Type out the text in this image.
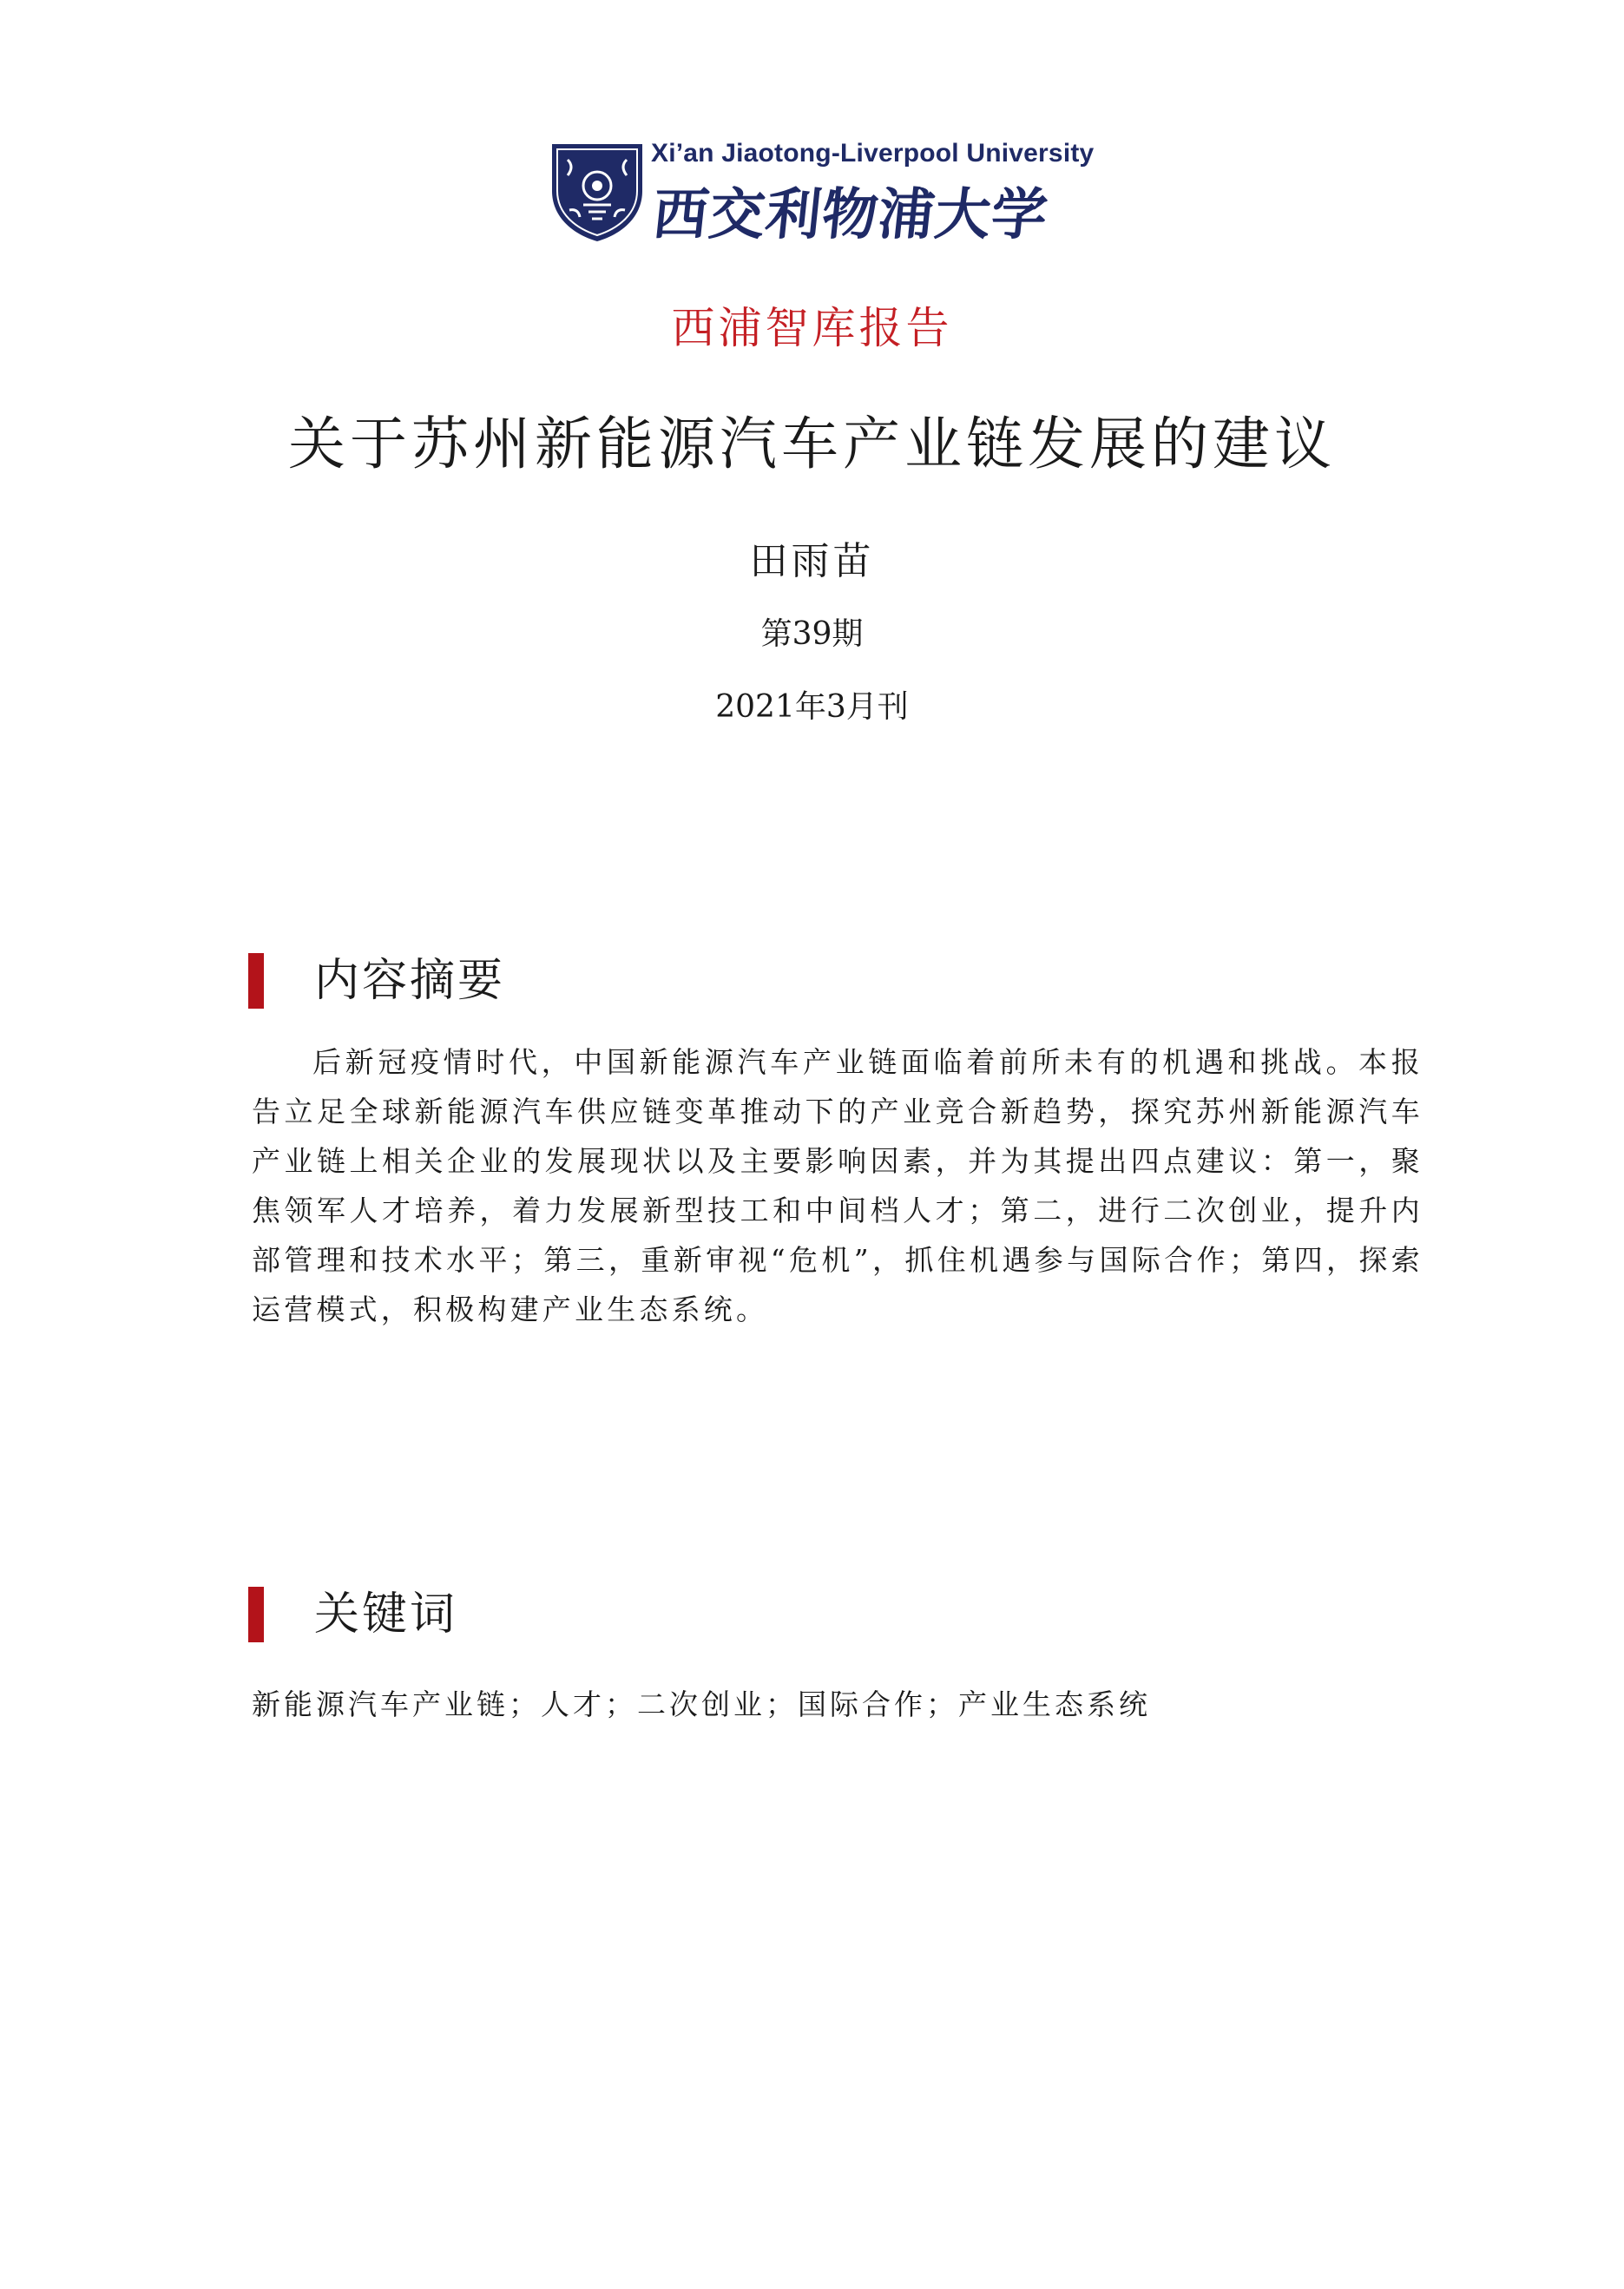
Xi’an Jiaotong-Liverpool University
西交利物浦大学
西浦智库报告
关于苏州新能源汽车产业链发展的建议
田雨苗
第39期
2021年3月刊
内容摘要

后新冠疫情时代，中国新能源汽车产业链面临着前所未有的机遇和挑战。本报告立足全球新能源汽车供应链变革推动下的产业竞合新趋势，探究苏州新能源汽车产业链上相关企业的发展现状以及主要影响因素，并为其提出四点建议：第一，聚焦领军人才培养，着力发展新型技工和中间档人才；第二，进行二次创业，提升内部管理和技术水平；第三，重新审视“危机”，抓住机遇参与国际合作；第四，探索运营模式，积极构建产业生态系统。

关键词

新能源汽车产业链；人才；二次创业；国际合作；产业生态系统
